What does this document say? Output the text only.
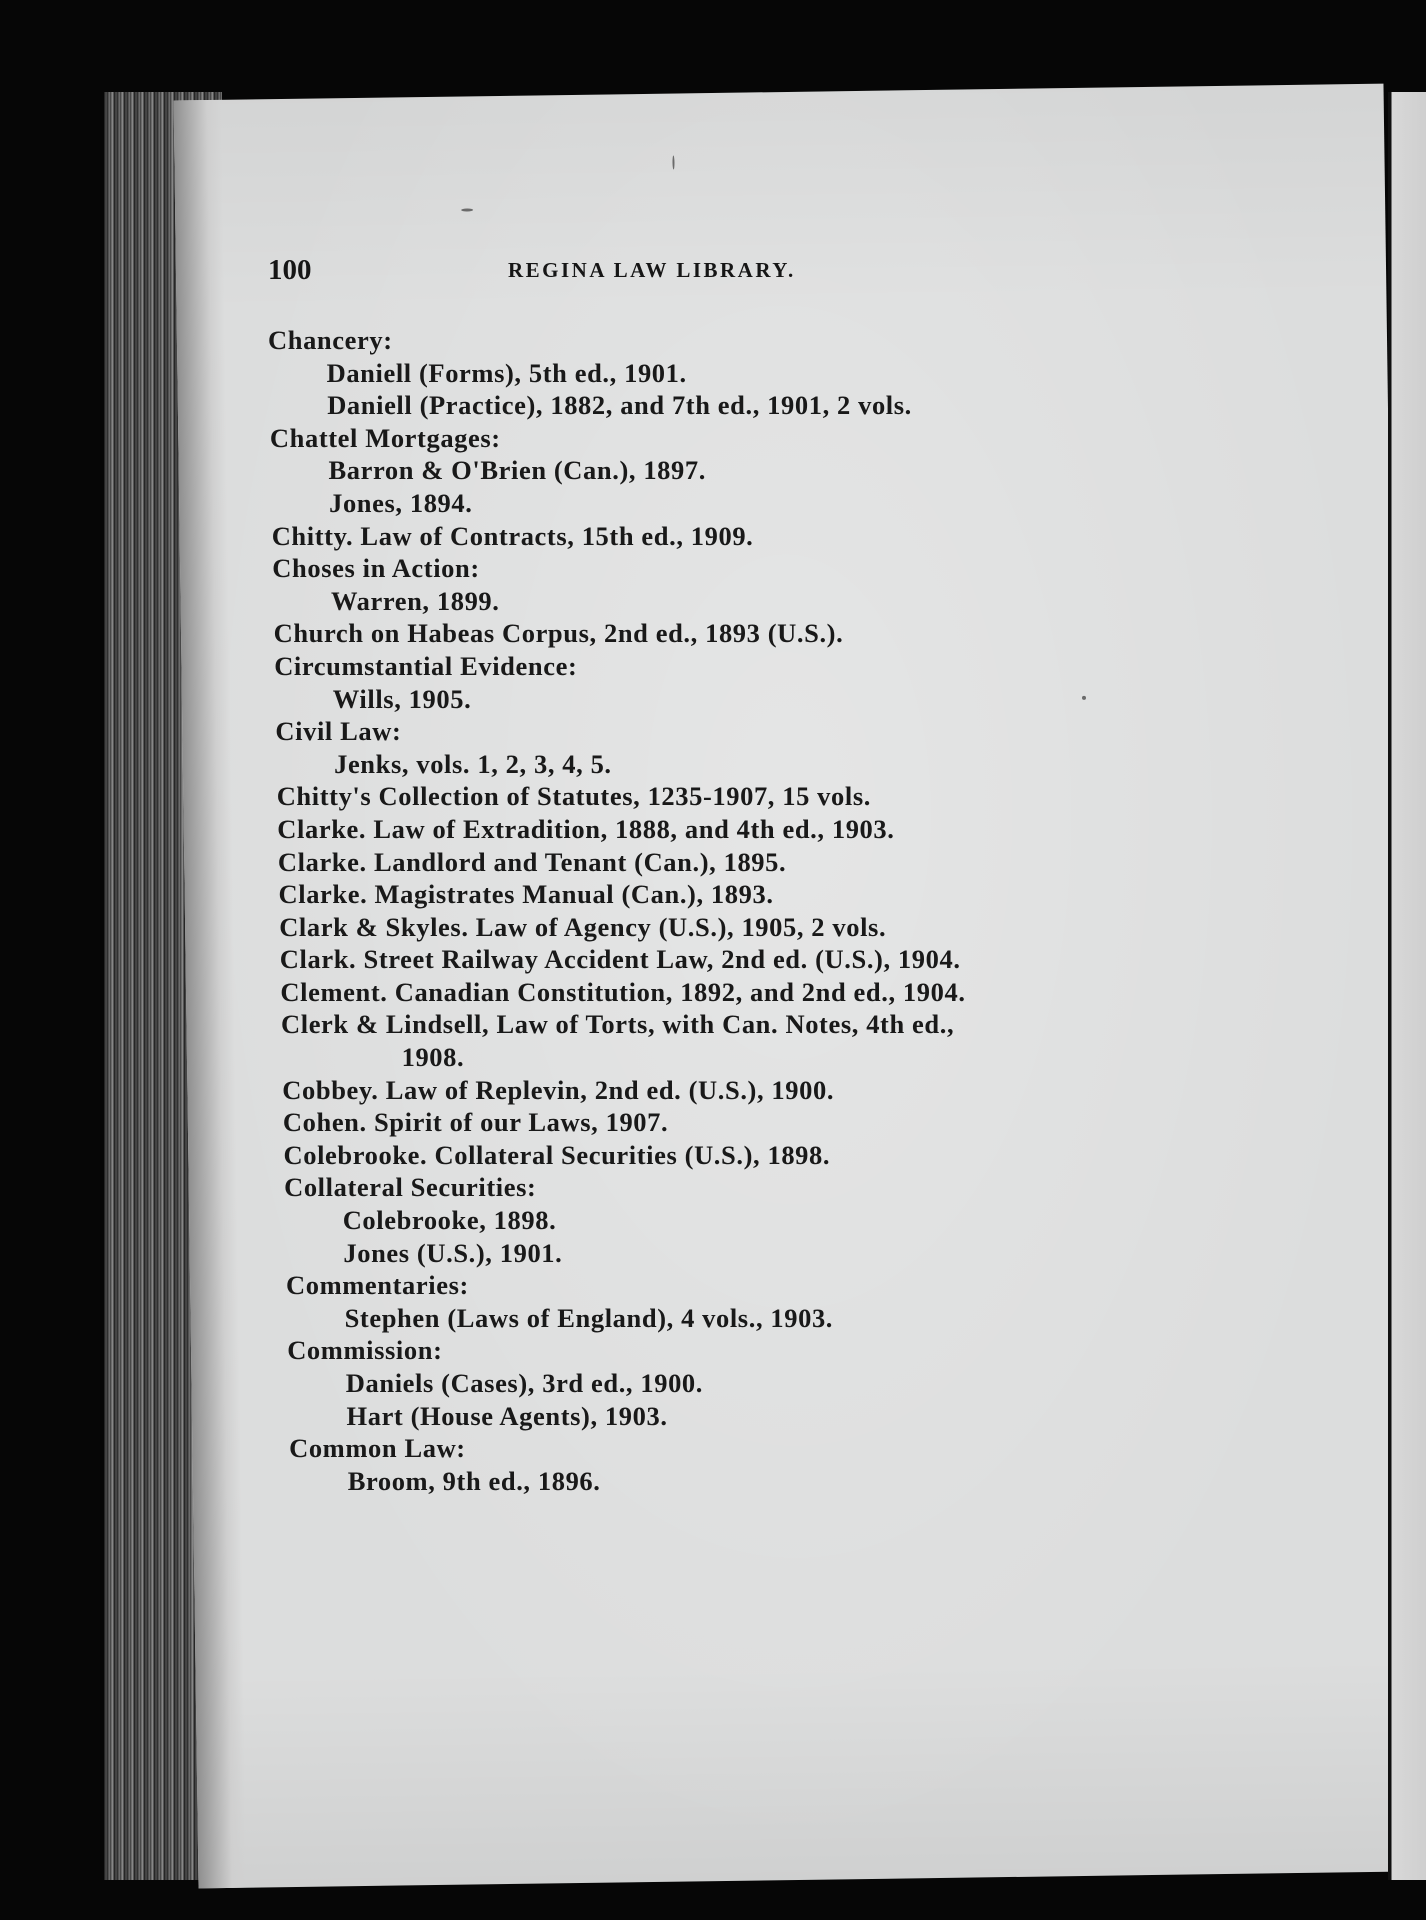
100	REGINA LAW LIBRARY.
Chancery:
Daniell (Forms), 5th ed., 1901.
Daniell (Practice), 1882, and 7th ed., 1901, 2 vols.
Chattel Mortgages:
Barron & O'Brien (Can.), 1897.
Jones, 1894.
Chitty. Law of Contracts, 15th ed., 1909.
Choses in Action:
Warren, 1899.
Church on Habeas Corpus, 2nd ed., 1893 (U.S.).
Circumstantial Evidence:
Wills, 1905.
Civil Law:
Jenks, vols. 1, 2, 3, 4, 5.
Chitty's Collection of Statutes, 1235-1907, 15 vols.
Clarke. Law of Extradition, 1888, and 4th ed., 1903.
Clarke. Landlord and Tenant (Can.), 1895.
Clarke. Magistrates Manual (Can.), 1893.
Clark & Skyles. Law of Agency (U.S.), 1905, 2 vols.
Clark. Street Railway Accident Law, 2nd ed. (U.S.), 1904.
Clement. Canadian Constitution, 1892, and 2nd ed., 1904.
Clerk & Lindsell, Law of Torts, with Can. Notes, 4th ed.,
1908.
Cobbey. Law of Replevin, 2nd ed. (U.S.), 1900.
Cohen. Spirit of our Laws, 1907.
Colebrooke. Collateral Securities (U.S.), 1898.
Collateral Securities:
Colebrooke, 1898.
Jones (U.S.), 1901.
Commentaries:
Stephen (Laws of England), 4 vols., 1903.
Commission:
Daniels (Cases), 3rd ed., 1900.
Hart (House Agents), 1903.
Common Law:
Broom, 9th ed., 1896.
